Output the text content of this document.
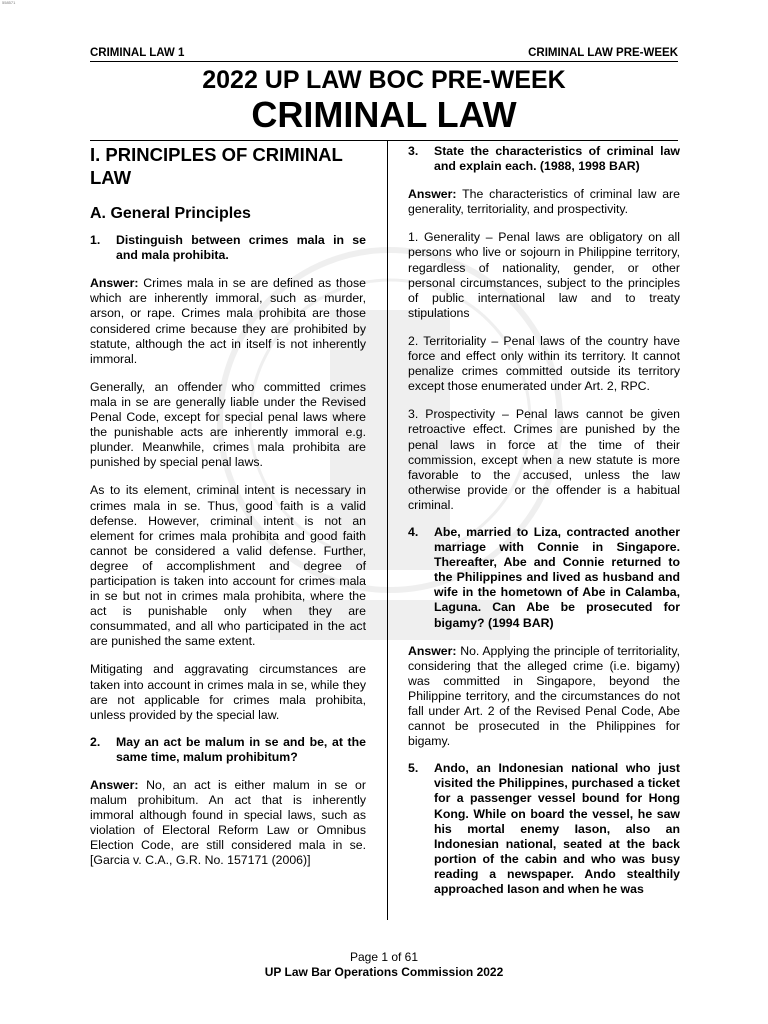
558571
CRIMINAL LAW 1	CRIMINAL LAW PRE-WEEK
2022 UP LAW BOC PRE-WEEK
CRIMINAL LAW
I. PRINCIPLES OF CRIMINAL LAW
A. General Principles
1.	Distinguish between crimes mala in se and mala prohibita.

Answer: Crimes mala in se are defined as those which are inherently immoral, such as murder, arson, or rape. Crimes mala prohibita are those considered crime because they are prohibited by statute, although the act in itself is not inherently immoral.

Generally, an offender who committed crimes mala in se are generally liable under the Revised Penal Code, except for special penal laws where the punishable acts are inherently immoral e.g. plunder. Meanwhile, crimes mala prohibita are punished by special penal laws.

As to its element, criminal intent is necessary in crimes mala in se. Thus, good faith is a valid defense. However, criminal intent is not an element for crimes mala prohibita and good faith cannot be considered a valid defense. Further, degree of accomplishment and degree of participation is taken into account for crimes mala in se but not in crimes mala prohibita, where the act is punishable only when they are consummated, and all who participated in the act are punished the same extent.

Mitigating and aggravating circumstances are taken into account in crimes mala in se, while they are not applicable for crimes mala prohibita, unless provided by the special law.

2.	May an act be malum in se and be, at the same time, malum prohibitum?

Answer: No, an act is either malum in se or malum prohibitum. An act that is inherently immoral although found in special laws, such as violation of Electoral Reform Law or Omnibus Election Code, are still considered mala in se. [Garcia v. C.A., G.R. No. 157171 (2006)]

3.	State the characteristics of criminal law and explain each. (1988, 1998 BAR)

Answer: The characteristics of criminal law are generality, territoriality, and prospectivity.

1. Generality – Penal laws are obligatory on all persons who live or sojourn in Philippine territory, regardless of nationality, gender, or other personal circumstances, subject to the principles of public international law and to treaty stipulations

2. Territoriality – Penal laws of the country have force and effect only within its territory. It cannot penalize crimes committed outside its territory except those enumerated under Art. 2, RPC.

3. Prospectivity – Penal laws cannot be given retroactive effect. Crimes are punished by the penal laws in force at the time of their commission, except when a new statute is more favorable to the accused, unless the law otherwise provide or the offender is a habitual criminal.

4.	Abe, married to Liza, contracted another marriage with Connie in Singapore. Thereafter, Abe and Connie returned to the Philippines and lived as husband and wife in the hometown of Abe in Calamba, Laguna. Can Abe be prosecuted for bigamy? (1994 BAR)

Answer: No. Applying the principle of territoriality, considering that the alleged crime (i.e. bigamy) was committed in Singapore, beyond the Philippine territory, and the circumstances do not fall under Art. 2 of the Revised Penal Code, Abe cannot be prosecuted in the Philippines for bigamy.

5.	Ando, an Indonesian national who just visited the Philippines, purchased a ticket for a passenger vessel bound for Hong Kong. While on board the vessel, he saw his mortal enemy Iason, also an Indonesian national, seated at the back portion of the cabin and who was busy reading a newspaper. Ando stealthily approached Iason and when he was
Page 1 of 61
UP Law Bar Operations Commission 2022
